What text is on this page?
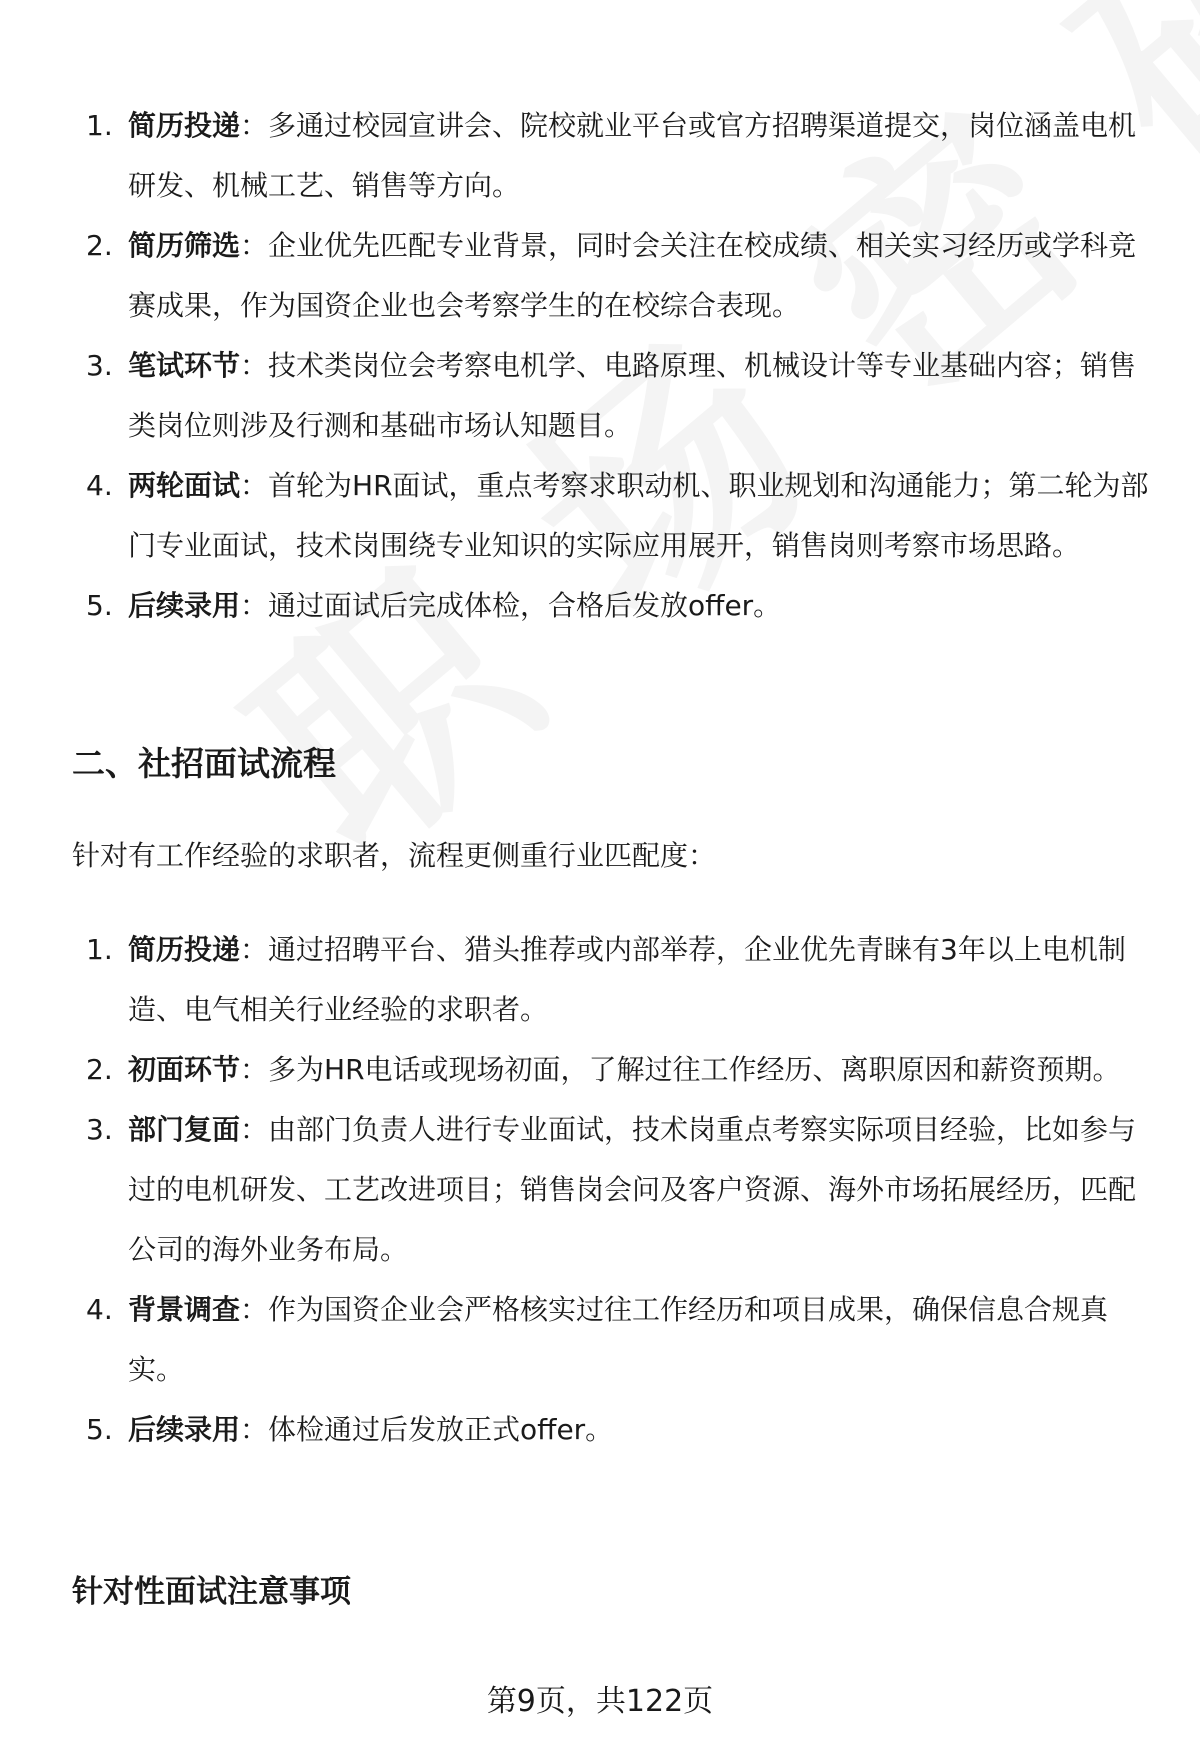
1. 简历投递：多通过校园宣讲会、院校就业平台或官方招聘渠道提交，岗位涵盖电机研发、机械工艺、销售等方向。
2. 简历筛选：企业优先匹配专业背景，同时会关注在校成绩、相关实习经历或学科竞赛成果，作为国资企业也会考察学生的在校综合表现。
3. 笔试环节：技术类岗位会考察电机学、电路原理、机械设计等专业基础内容；销售类岗位则涉及行测和基础市场认知题目。
4. 两轮面试：首轮为HR面试，重点考察求职动机、职业规划和沟通能力；第二轮为部门专业面试，技术岗围绕专业知识的实际应用展开，销售岗则考察市场思路。
5. 后续录用：通过面试后完成体检，合格后发放offer。
二、社招面试流程

针对有工作经验的求职者，流程更侧重行业匹配度：

1. 简历投递：通过招聘平台、猎头推荐或内部举荐，企业优先青睐有3年以上电机制造、电气相关行业经验的求职者。
2. 初面环节：多为HR电话或现场初面，了解过往工作经历、离职原因和薪资预期。
3. 部门复面：由部门负责人进行专业面试，技术岗重点考察实际项目经验，比如参与过的电机研发、工艺改进项目；销售岗会问及客户资源、海外市场拓展经历，匹配公司的海外业务布局。
4. 背景调查：作为国资企业会严格核实过往工作经历和项目成果，确保信息合规真实。
5. 后续录用：体检通过后发放正式offer。
针对性面试注意事项

第9页，共122页
